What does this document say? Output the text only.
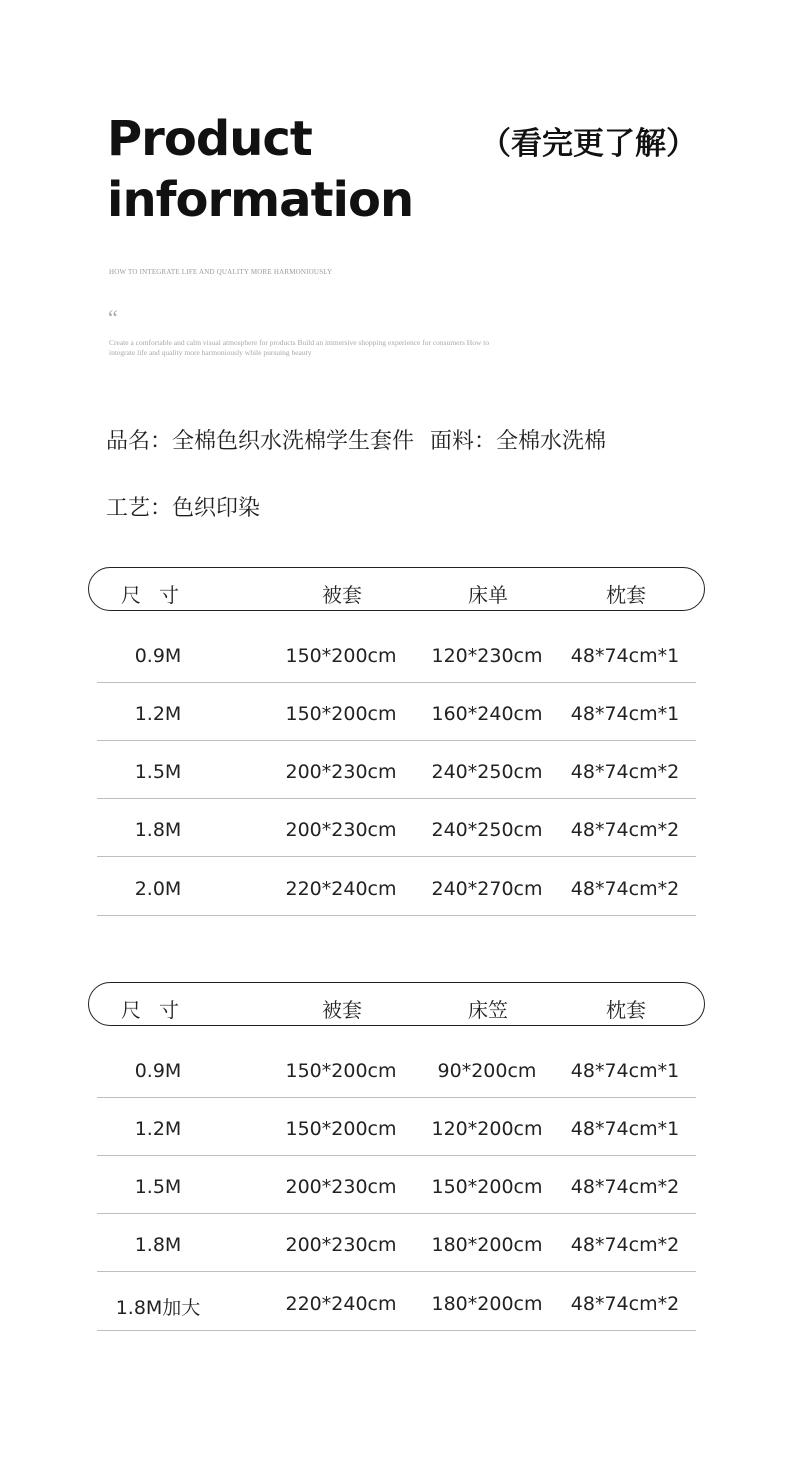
Product
information
（看完更了解）
HOW TO INTEGRATE LIFE AND QUALITY MORE HARMONIOUSLY
“
Create a comfortable and calm visual atmosphere for products Build an immersive shopping experience for consumers How to integrate life and quality more harmoniously while pursuing beauty
品名：全棉色织水洗棉学生套件 面料：全棉水洗棉
工艺：色织印染
尺寸	被套	床单	枕套
0.9M	150*200cm 120*230cm 48*74cm*1
1.2M	150*200cm 160*240cm 48*74cm*1
1.5M	200*230cm 240*250cm 48*74cm*2
1.8M	200*230cm 240*250cm 48*74cm*2
2.0M	220*240cm 240*270cm 48*74cm*2
尺寸	被套	床笠	枕套
0.9M	150*200cm 90*200cm 48*74cm*1
1.2M	150*200cm 120*200cm 48*74cm*1
1.5M	200*230cm 150*200cm 48*74cm*2
1.8M	200*230cm 180*200cm 48*74cm*2
1.8M加大	220*240cm 180*200cm 48*74cm*2
